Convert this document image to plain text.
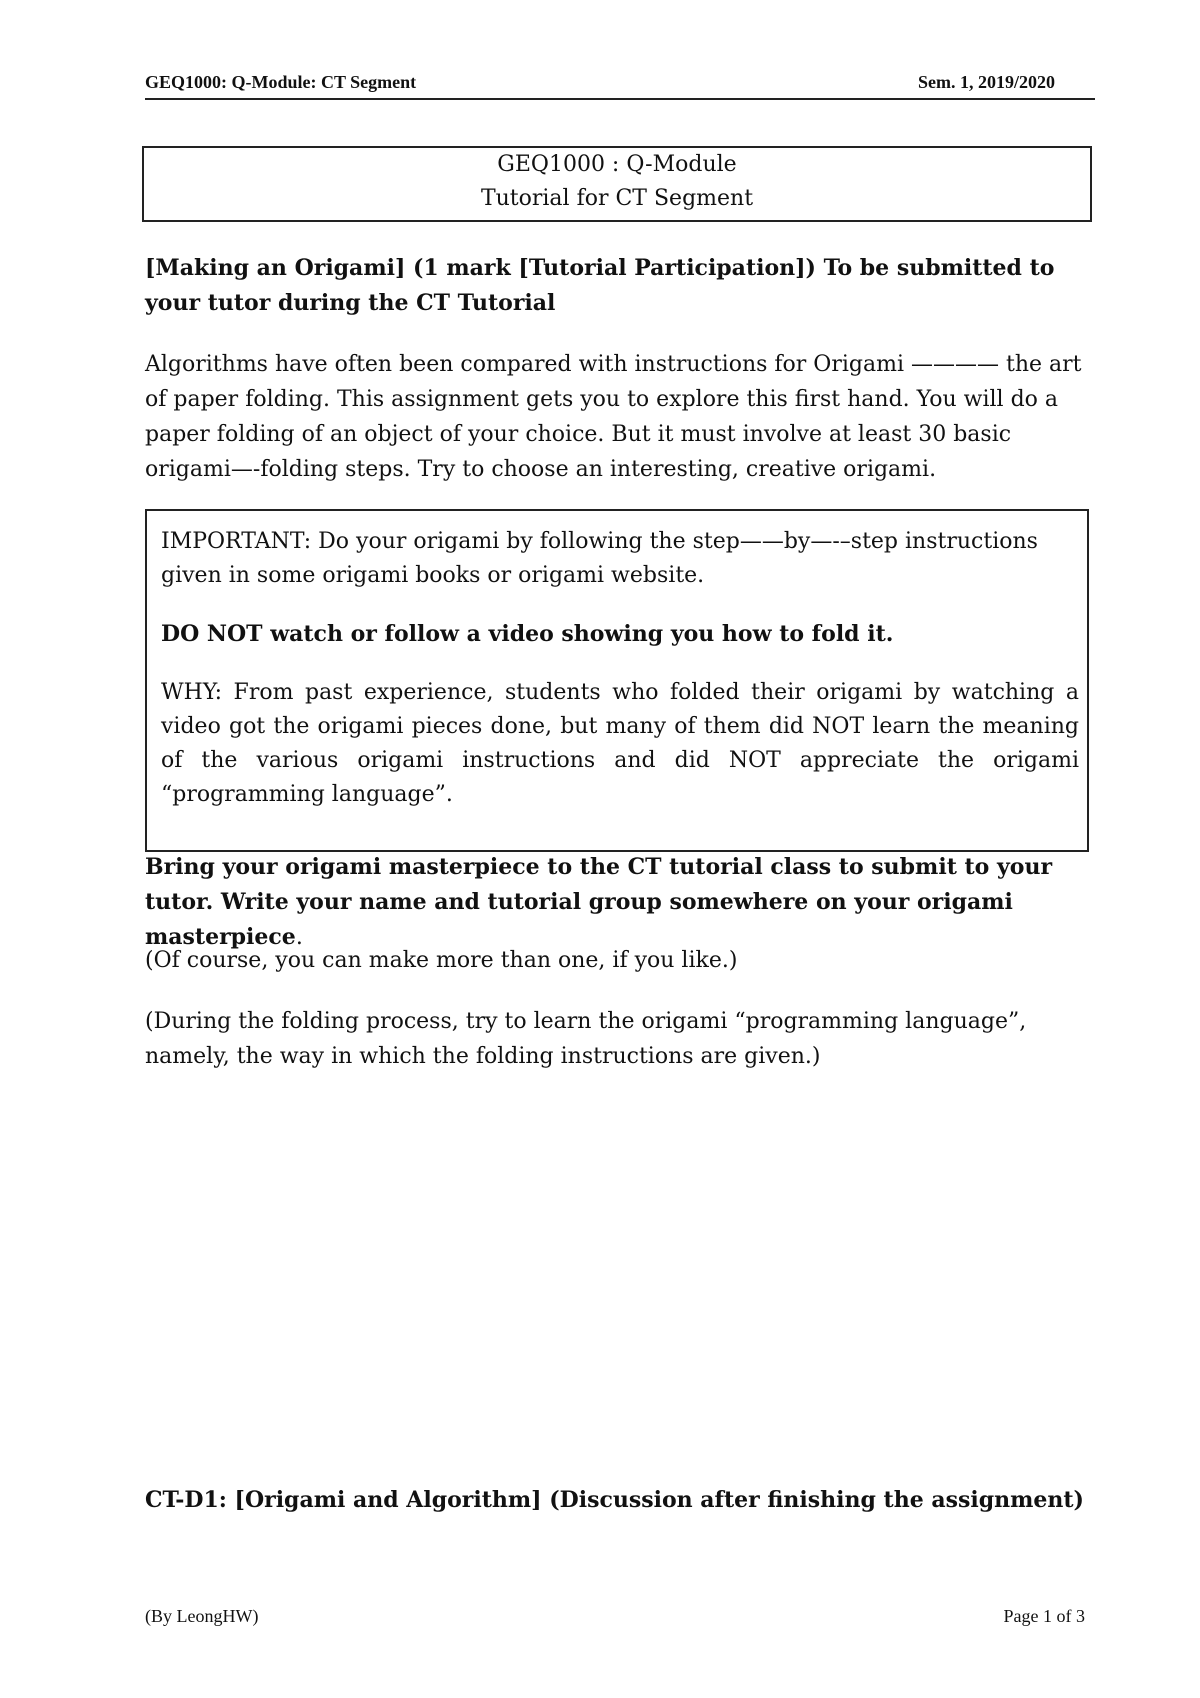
GEQ1000: Q-Module: CT Segment	Sem. 1, 2019/2020
GEQ1000 : Q-Module
Tutorial for CT Segment

[Making an Origami] (1 mark [Tutorial Participation]) To be submitted to your tutor during the CT Tutorial

Algorithms have often been compared with instructions for Origami ———— the art of paper folding. This assignment gets you to explore this first hand. You will do a paper folding of an object of your choice. But it must involve at least 30 basic origami—-folding steps. Try to choose an interesting, creative origami.

IMPORTANT: Do your origami by following the step——by—-–step instructions given in some origami books or origami website.

DO NOT watch or follow a video showing you how to fold it.

WHY: From past experience, students who folded their origami by watching a video got the origami pieces done, but many of them did NOT learn the meaning of the various origami instructions and did NOT appreciate the origami “programming language”.

Bring your origami masterpiece to the CT tutorial class to submit to your tutor. Write your name and tutorial group somewhere on your origami masterpiece.

(Of course, you can make more than one, if you like.)

(During the folding process, try to learn the origami “programming language”, namely, the way in which the folding instructions are given.)

CT-D1: [Origami and Algorithm] (Discussion after finishing the assignment)

(By LeongHW)	Page 1 of 3
